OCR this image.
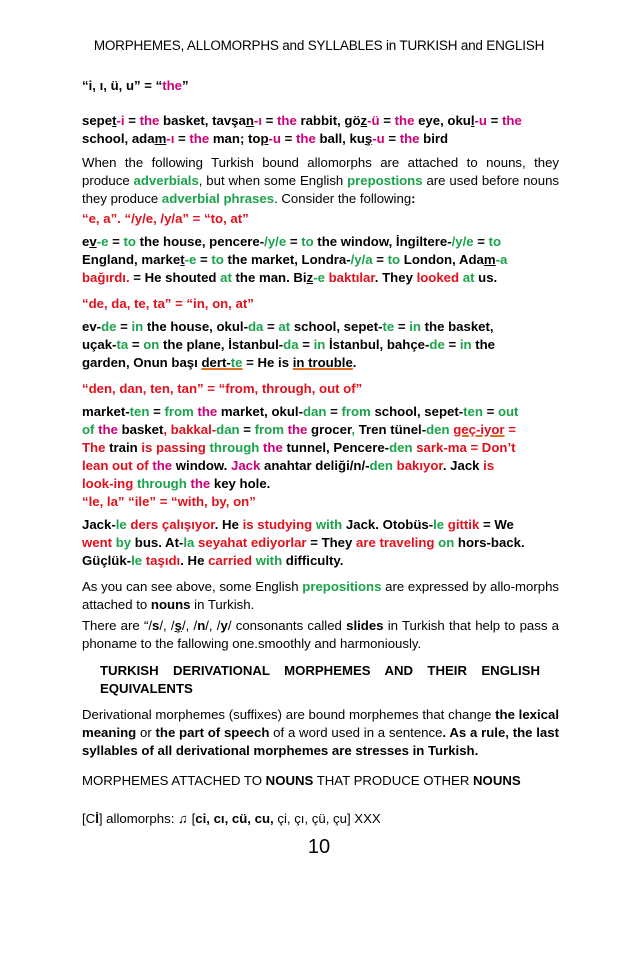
MORPHEMES, ALLOMORPHS and SYLLABLES in TURKISH and ENGLISH
“i, ı, ü, u” = “the”
sepet-i = the basket, tavşan-ı = the rabbit, göz-ü = the eye, okul-u = the
school, adam-ı = the man; top-u = the ball, kuş-u = the bird
When the following Turkish bound allomorphs are attached to nouns, they produce adverbials, but when some English prepostions are used before nouns they produce adverbial phrases. Consider the following:
“e, a”. “/y/e, /y/a” = “to, at”
ev-e = to the house, pencere-/y/e = to the window, İngiltere-/y/e = to
England, market-e = to the market, Londra-/y/a = to London, Adam-a
bağırdı. = He shouted at the man. Biz-e baktılar. They looked at us.
“de, da, te, ta” = “in, on, at”
ev-de = in the house, okul-da = at school, sepet-te = in the basket,
uçak-ta = on the plane, İstanbul-da = in İstanbul, bahçe-de = in the
garden, Onun başı dert-te = He is in trouble.
“den, dan, ten, tan” = “from, through, out of”
market-ten = from the market, okul-dan = from school, sepet-ten = out
of the basket, bakkal-dan = from the grocer, Tren tünel-den geç-iyor =
The train is passing through the tunnel, Pencere-den sark-ma = Don’t
lean out of the window. Jack anahtar deliği/n/-den bakıyor. Jack is
look-ing through the key hole.
“le, la” “ile” = “with, by, on”
Jack-le ders çalışıyor. He is studying with Jack. Otobüs-le gittik = We
went by bus. At-la seyahat ediyorlar = They are traveling on hors-back.
Güçlük-le taşıdı. He carried with difficulty.
As you can see above, some English prepositions are expressed by allo-morphs attached to nouns in Turkish.
There are “/s/, /ş/, /n/, /y/ consonants called slides in Turkish that help to pass a phoname to the fallowing one.smoothly and harmoniously.
TURKISH DERIVATIONAL MORPHEMES AND THEIR ENGLISH EQUIVALENTS
Derivational morphemes (suffixes) are bound morphemes that change the lexical meaning or the part of speech of a word used in a sentence. As a rule, the last syllables of all derivational morphemes are stresses in Turkish.
MORPHEMES ATTACHED TO NOUNS THAT PRODUCE OTHER NOUNS
[Cİ] allomorphs: ♫ [ci, cı, cü, cu, çi, çı, çü, çu] XXX
10
